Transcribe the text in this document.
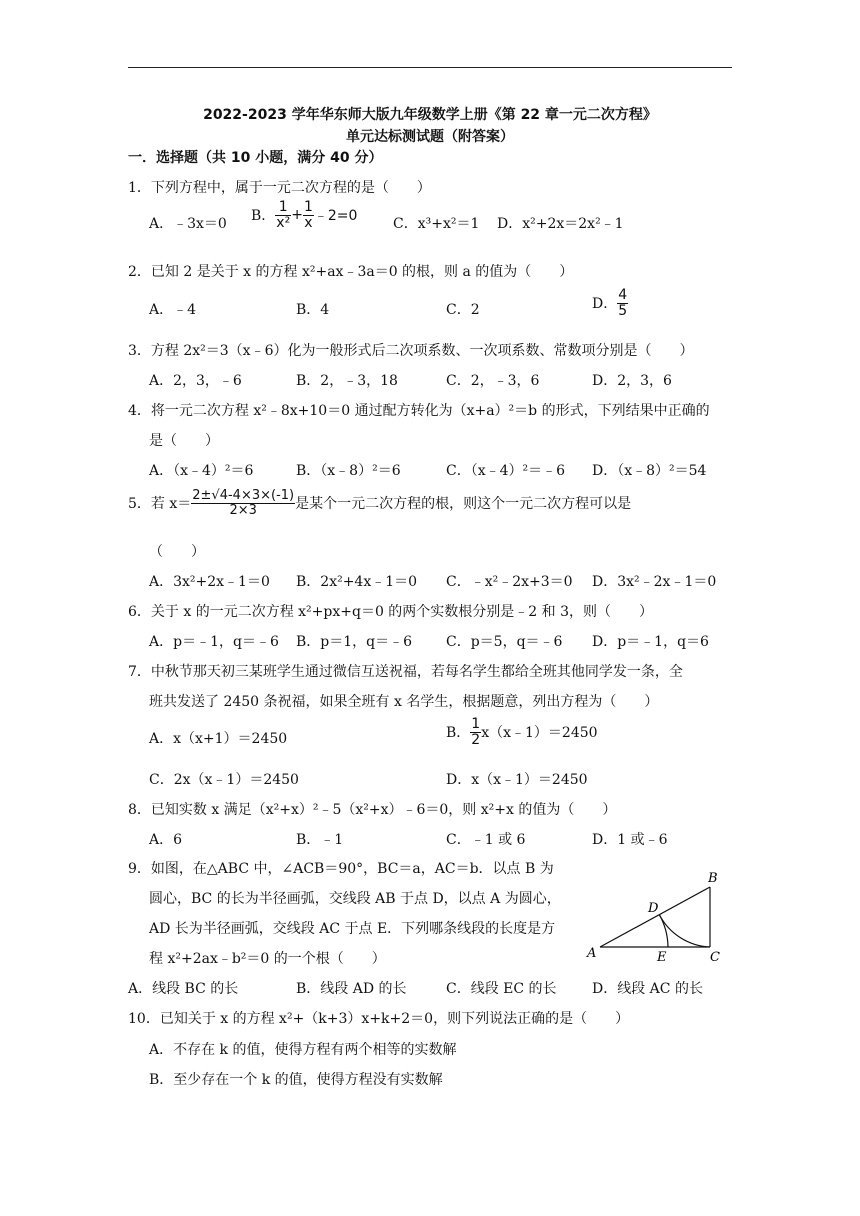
2022-2023 学年华东师大版九年级数学上册《第 22 章一元二次方程》
单元达标测试题（附答案）
一．选择题（共 10 小题，满分 40 分）
1．下列方程中，属于一元二次方程的是（　　）
A．﹣3x＝0 B． $\frac{1}{\text{x²}} + \frac{1}{x}$ ﹣2=0	C．x³+x²＝1 D．x²+2x＝2x²﹣1
2．已知 2 是关于 x 的方程 x²+ax﹣3a＝0 的根，则 a 的值为（　　）
A．﹣4	B．4	C．2	D． $\frac{4}{5}$
3．方程 2x²＝3（x﹣6）化为一般形式后二次项系数、一次项系数、常数项分别是（　　）
A．2，3，﹣6	B．2，﹣3，18	C．2，﹣3，6	D．2，3，6
4．将一元二次方程 x²﹣8x+10＝0 通过配方转化为（x+a）²＝b 的形式，下列结果中正确的
是（　　）
A．（x﹣4）²＝6	B．（x﹣8）²＝6	C．（x﹣4）²＝﹣6 D．（x﹣8）²＝54
5．若 $x= \frac{2\pm√4-4\times 3\times(-1)}{2\times 3}$ 是某个一元二次方程的根，则这个一元二次方程可以是
（　　）
A．3x²+2x﹣1＝0 B．2x²+4x﹣1＝0 C．﹣x²﹣2x+3＝0 D．3x²﹣2x﹣1＝0
6．关于 x 的一元二次方程 x²+px+q＝0 的两个实数根分别是﹣2 和 3，则（　　）
A．p＝﹣1，q＝﹣6 B．p＝1，q＝﹣6 C．p＝5，q＝﹣6 D．p＝﹣1，q＝6
7．中秋节那天初三某班学生通过微信互送祝福，若每名学生都给全班其他同学发一条，全
班共发送了 2450 条祝福，如果全班有 x 名学生，根据题意，列出方程为（　　）
A．x（x+1）＝2450	B． $\frac{1}{2}$ x（x﹣1）＝2450
C．2x（x﹣1）＝2450	D．x（x﹣1）＝2450
8．已知实数 x 满足（x²+x）²﹣5（x²+x）﹣6＝0，则 x²+x 的值为（　　）
A．6	B．﹣1	C．﹣1 或 6	D．1 或﹣6
9．如图，在△ABC 中，∠ACB＝90°，BC＝a，AC＝b．以点 B 为
圆心，BC 的长为半径画弧，交线段 AB 于点 D，以点 A 为圆心，
AD 长为半径画弧，交线段 AC 于点 E．下列哪条线段的长度是方
程 x²+2ax﹣b²＝0 的一个根（　　）	A
B
C
D
E
A．线段 BC 的长	B．线段 AD 的长	C．线段 EC 的长	D．线段 AC 的长
10．已知关于 x 的方程 x²+（k+3）x+k+2＝0，则下列说法正确的是（　　）
A．不存在 k 的值，使得方程有两个相等的实数解
B．至少存在一个 k 的值，使得方程没有实数解
